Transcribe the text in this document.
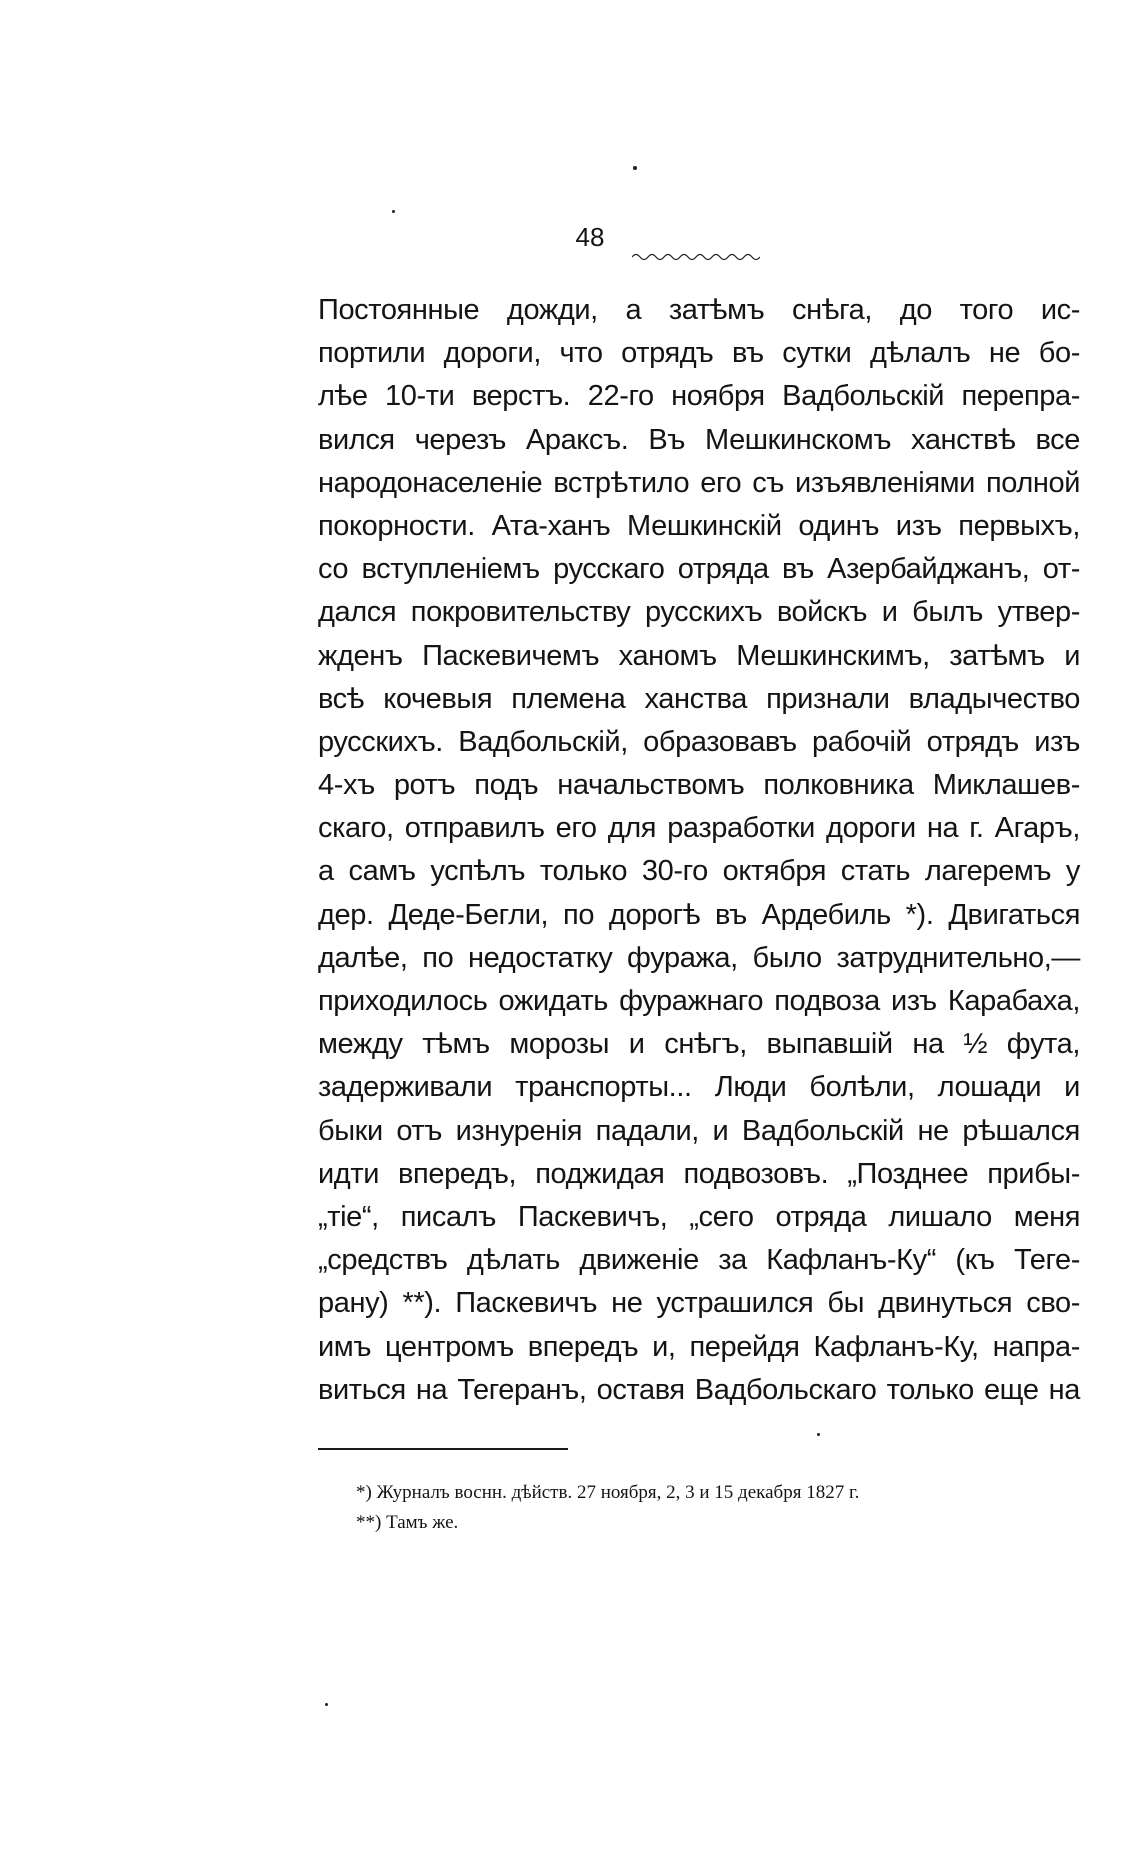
48
Постоянные дожди, а затѣмъ снѣга, до того ис-
портили дороги, что отрядъ въ сутки дѣлалъ не бо-
лѣе 10-ти верстъ. 22-го ноября Вадбольскій перепра-
вился черезъ Араксъ. Въ Мешкинскомъ ханствѣ все
народонаселеніе встрѣтило его съ изъявленіями полной
покорности. Ата-ханъ Мешкинскій одинъ изъ первыхъ,
со вступленіемъ русскаго отряда въ Азербайджанъ, от-
дался покровительству русскихъ войскъ и былъ утвер-
жденъ Паскевичемъ ханомъ Мешкинскимъ, затѣмъ и
всѣ кочевыя племена ханства признали владычество
русскихъ. Вадбольскій, образовавъ рабочій отрядъ изъ
4-хъ ротъ подъ начальствомъ полковника Миклашев-
скаго, отправилъ его для разработки дороги на г. Агаръ,
а самъ успѣлъ только 30-го октября стать лагеремъ у
дер. Деде-Бегли, по дорогѣ въ Ардебиль *). Двигаться
далѣе, по недостатку фуража, было затруднительно,—
приходилось ожидать фуражнаго подвоза изъ Карабаха,
между тѣмъ морозы и снѣгъ, выпавшій на ½ фута,
задерживали транспорты... Люди болѣли, лошади и
быки отъ изнуренія падали, и Вадбольскій не рѣшался
идти впередъ, поджидая подвозовъ. „Позднее прибы-
„тіе“, писалъ Паскевичъ, „сего отряда лишало меня
„средствъ дѣлать движеніе за Кафланъ-Ку“ (къ Теге-
рану) **). Паскевичъ не устрашился бы двинуться сво-
имъ центромъ впередъ и, перейдя Кафланъ-Ку, напра-
виться на Тегеранъ, оставя Вадбольскаго только еще на
*) Журналъ воснн. дѣйств. 27 ноября, 2, 3 и 15 декабря 1827 г.
**) Тамъ же.
